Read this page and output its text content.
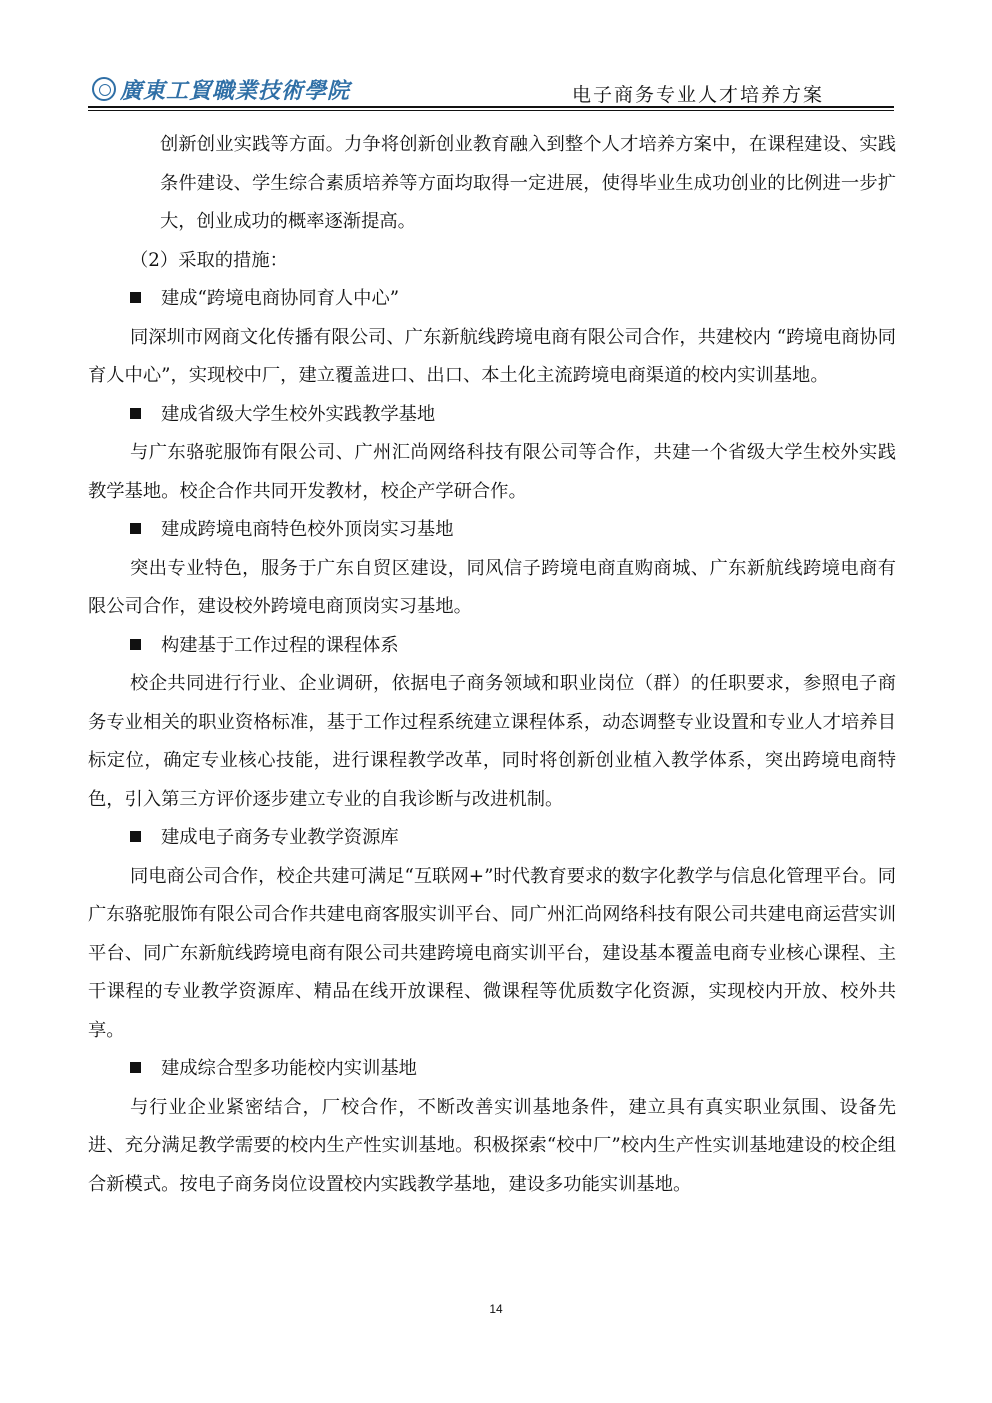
廣東工貿職業技術學院	电子商务专业人才培养方案

创新创业实践等方面。力争将创新创业教育融入到整个人才培养方案中，在课程建设、实践条件建设、学生综合素质培养等方面均取得一定进展，使得毕业生成功创业的比例进一步扩大，创业成功的概率逐渐提高。

（2）采取的措施：

建成“跨境电商协同育人中心”

同深圳市网商文化传播有限公司、广东新航线跨境电商有限公司合作，共建校内 “跨境电商协同育人中心”，实现校中厂，建立覆盖进口、出口、本土化主流跨境电商渠道的校内实训基地。

建成省级大学生校外实践教学基地

与广东骆驼服饰有限公司、广州汇尚网络科技有限公司等合作，共建一个省级大学生校外实践教学基地。校企合作共同开发教材，校企产学研合作。

建成跨境电商特色校外顶岗实习基地

突出专业特色，服务于广东自贸区建设，同风信子跨境电商直购商城、广东新航线跨境电商有限公司合作，建设校外跨境电商顶岗实习基地。

构建基于工作过程的课程体系

校企共同进行行业、企业调研，依据电子商务领域和职业岗位（群）的任职要求，参照电子商务专业相关的职业资格标准，基于工作过程系统建立课程体系，动态调整专业设置和专业人才培养目标定位，确定专业核心技能，进行课程教学改革，同时将创新创业植入教学体系，突出跨境电商特色，引入第三方评价逐步建立专业的自我诊断与改进机制。

建成电子商务专业教学资源库

同电商公司合作，校企共建可满足“互联网+”时代教育要求的数字化教学与信息化管理平台。同广东骆驼服饰有限公司合作共建电商客服实训平台、同广州汇尚网络科技有限公司共建电商运营实训平台、同广东新航线跨境电商有限公司共建跨境电商实训平台，建设基本覆盖电商专业核心课程、主干课程的专业教学资源库、精品在线开放课程、微课程等优质数字化资源，实现校内开放、校外共享。

建成综合型多功能校内实训基地

与行业企业紧密结合，厂校合作，不断改善实训基地条件，建立具有真实职业氛围、设备先进、充分满足教学需要的校内生产性实训基地。积极探索“校中厂”校内生产性实训基地建设的校企组合新模式。按电子商务岗位设置校内实践教学基地，建设多功能实训基地。

14
